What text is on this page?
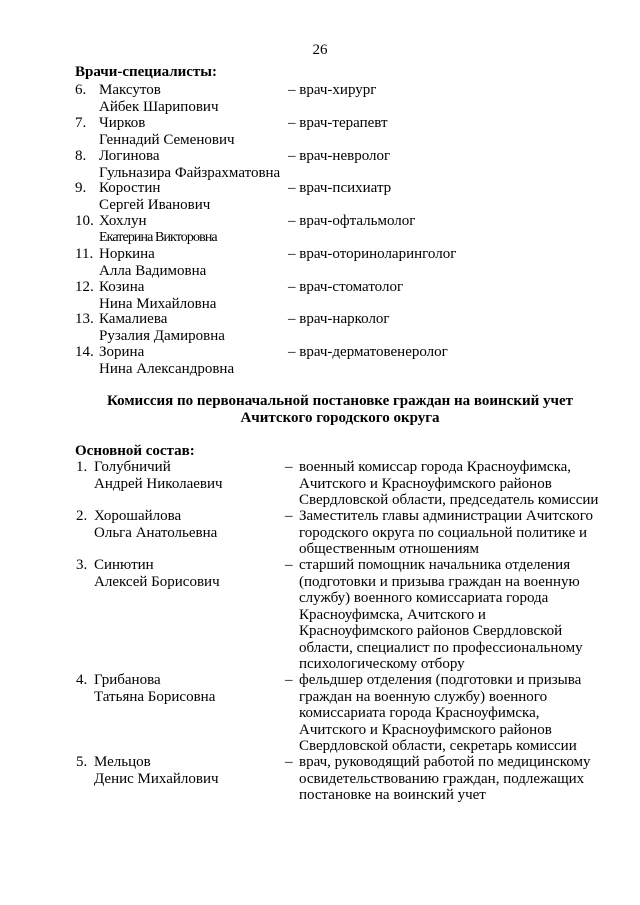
26
Врачи-специалисты:
6. Максутов
Айбек Шарипович
– врач-хирург
7. Чирков
Геннадий Семенович
– врач-терапевт
8. Логинова
Гульназира Файзрахматовна
– врач-невролог
9. Коростин
Сергей Иванович
– врач-психиатр
10. Хохлун
Екатерина Викторовна
– врач-офтальмолог
11. Норкина
Алла Вадимовна
– врач-оториноларинголог
12. Козина
Нина Михайловна
– врач-стоматолог
13. Камалиева
Рузалия Дамировна
– врач-нарколог
14. Зорина
Нина Александровна
– врач-дерматовенеролог
Комиссия по первоначальной постановке граждан на воинский учет
Ачитского городского округа
Основной состав:
1. Голубничий
Андрей Николаевич
– военный комиссар города Красноуфимска,
Ачитского и Красноуфимского районов
Свердловской области, председатель комиссии
2. Хорошайлова
Ольга Анатольевна
– Заместитель главы администрации Ачитского
городского округа по социальной политике и
общественным отношениям
3. Синютин
Алексей Борисович
– старший помощник начальника отделения
(подготовки и призыва граждан на военную
службу) военного комиссариата города
Красноуфимска, Ачитского и
Красноуфимского районов Свердловской
области, специалист по профессиональному
психологическому отбору
4. Грибанова
Татьяна Борисовна
– фельдшер отделения (подготовки и призыва
граждан на военную службу) военного
комиссариата города Красноуфимска,
Ачитского и Красноуфимского районов
Свердловской области, секретарь комиссии
5. Мельцов
Денис Михайлович
– врач, руководящий работой по медицинскому
освидетельствованию граждан, подлежащих
постановке на воинский учет
